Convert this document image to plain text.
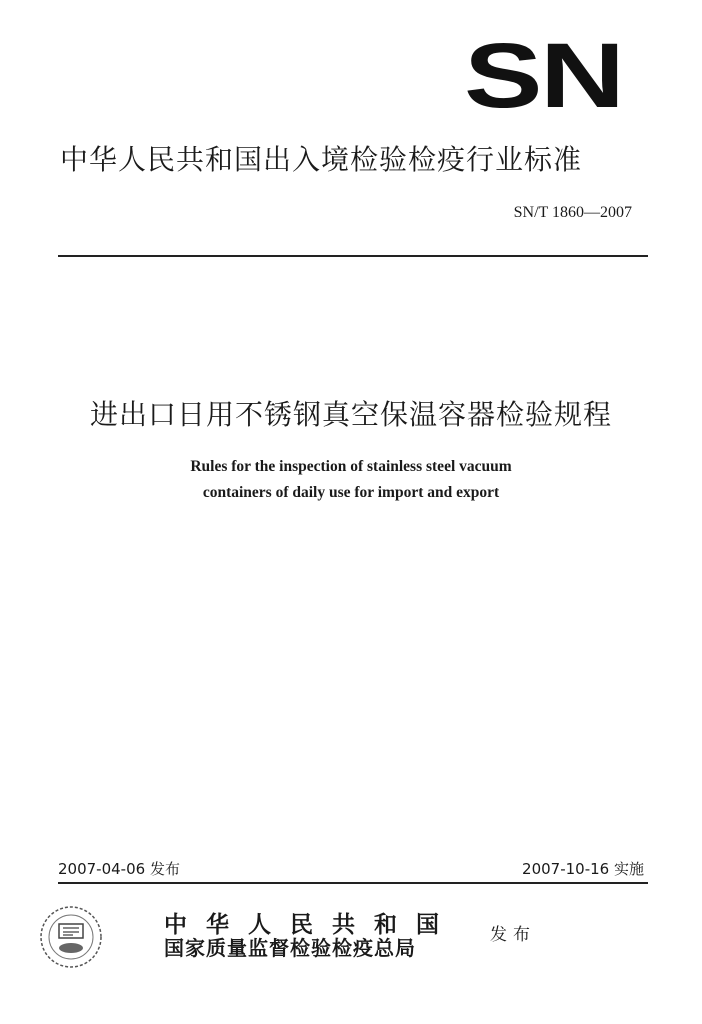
SN
中华人民共和国出入境检验检疫行业标准
SN/T 1860—2007
进出口日用不锈钢真空保温容器检验规程
Rules for the inspection of stainless steel vacuum
containers of daily use for import and export
2007-04-06 发布	2007-10-16 实施
中华人民共和国
国家质量监督检验检疫总局
发布
